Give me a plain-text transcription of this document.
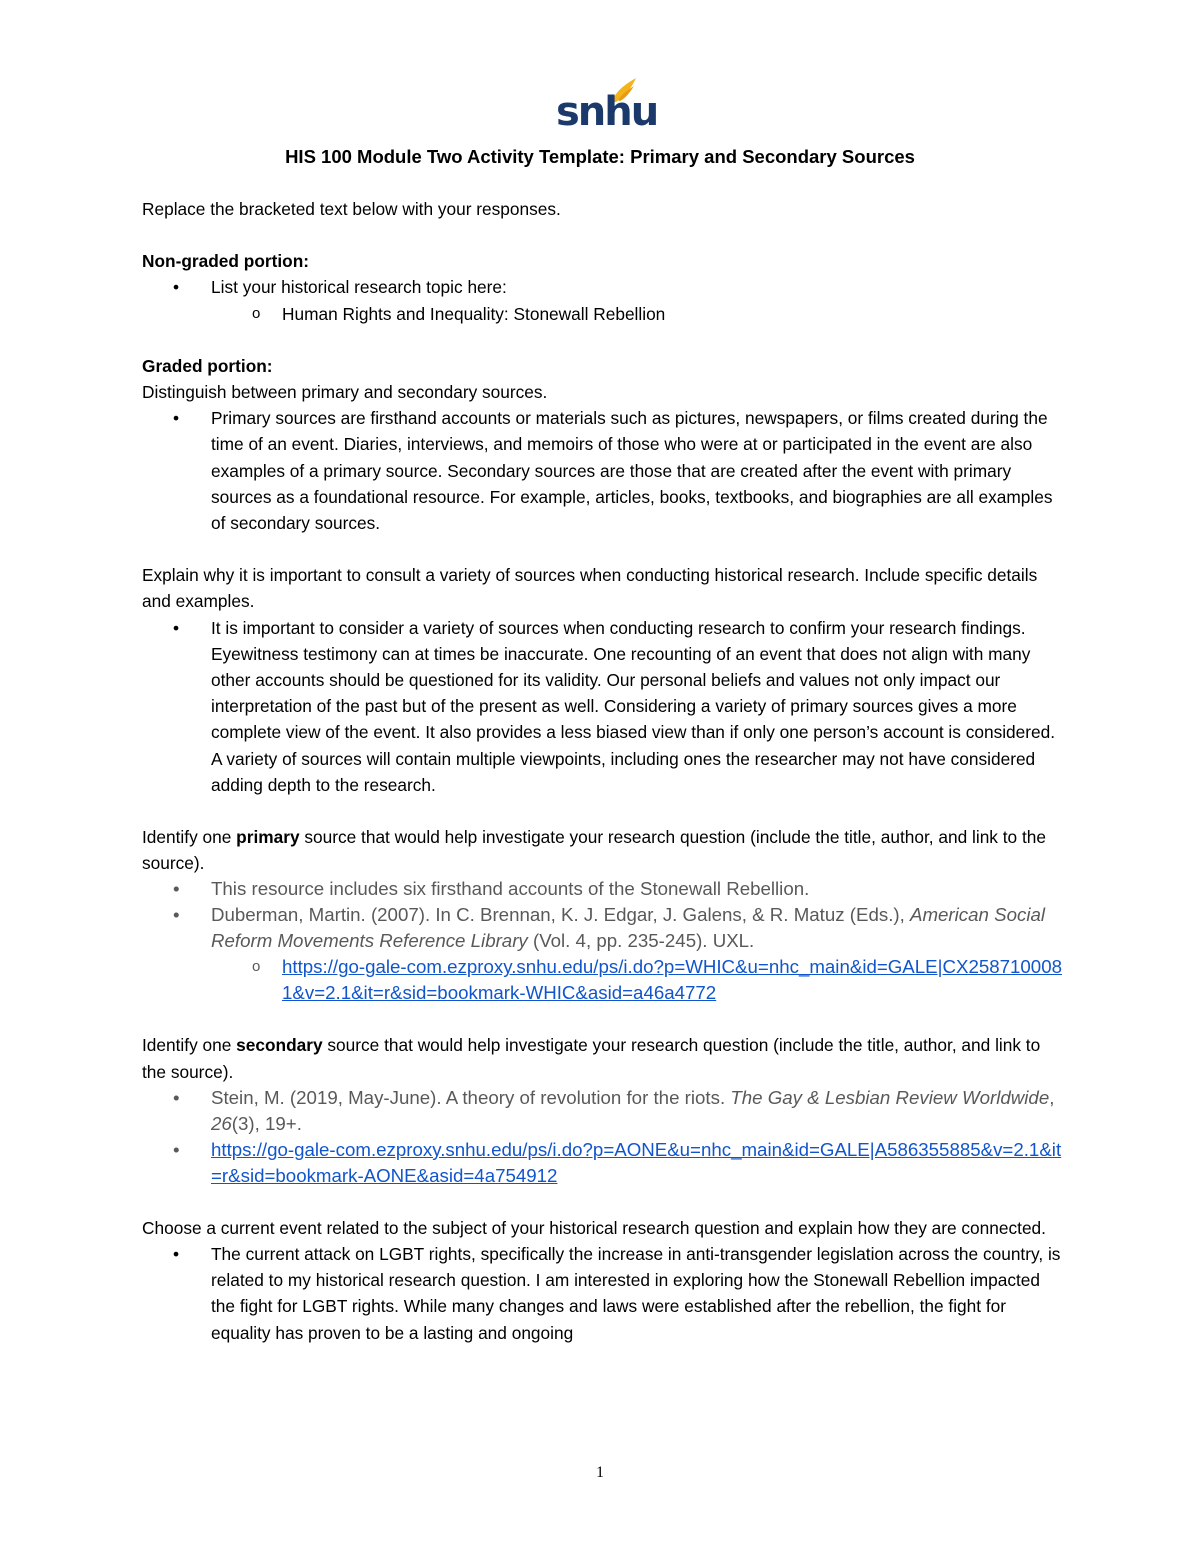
snhu
HIS 100 Module Two Activity Template: Primary and Secondary Sources

Replace the bracketed text below with your responses.

Non-graded portion:

• List your historical research topic here:
o Human Rights and Inequality: Stonewall Rebellion

Graded portion:

Distinguish between primary and secondary sources.

• Primary sources are firsthand accounts or materials such as pictures, newspapers, or films created during the time of an event. Diaries, interviews, and memoirs of those who were at or participated in the event are also examples of a primary source. Secondary sources are those that are created after the event with primary sources as a foundational resource. For example, articles, books, textbooks, and biographies are all examples of secondary sources.

Explain why it is important to consult a variety of sources when conducting historical research. Include specific details and examples.

• It is important to consider a variety of sources when conducting research to confirm your research findings. Eyewitness testimony can at times be inaccurate. One recounting of an event that does not align with many other accounts should be questioned for its validity. Our personal beliefs and values not only impact our interpretation of the past but of the present as well. Considering a variety of primary sources gives a more complete view of the event. It also provides a less biased view than if only one person’s account is considered. A variety of sources will contain multiple viewpoints, including ones the researcher may not have considered adding depth to the research.

Identify one primary source that would help investigate your research question (include the title, author, and link to the source).

• This resource includes six firsthand accounts of the Stonewall Rebellion.
• Duberman, Martin. (2007). In C. Brennan, K. J. Edgar, J. Galens, & R. Matuz (Eds.), American Social Reform Movements Reference Library (Vol. 4, pp. 235-245). UXL.
o https://go-gale-com.ezproxy.snhu.edu/ps/i.do?p=WHIC&u=nhc_main&id=GALE|CX2587100081&v=2.1&it=r&sid=bookmark-WHIC&asid=a46a4772

Identify one secondary source that would help investigate your research question (include the title, author, and link to the source).

• Stein, M. (2019, May-June). A theory of revolution for the riots. The Gay & Lesbian Review Worldwide, 26(3), 19+.
• https://go-gale-com.ezproxy.snhu.edu/ps/i.do?p=AONE&u=nhc_main&id=GALE|A586355885&v=2.1&it=r&sid=bookmark-AONE&asid=4a754912

Choose a current event related to the subject of your historical research question and explain how they are connected.

• The current attack on LGBT rights, specifically the increase in anti-transgender legislation across the country, is related to my historical research question. I am interested in exploring how the Stonewall Rebellion impacted the fight for LGBT rights. While many changes and laws were established after the rebellion, the fight for equality has proven to be a lasting and ongoing
1
